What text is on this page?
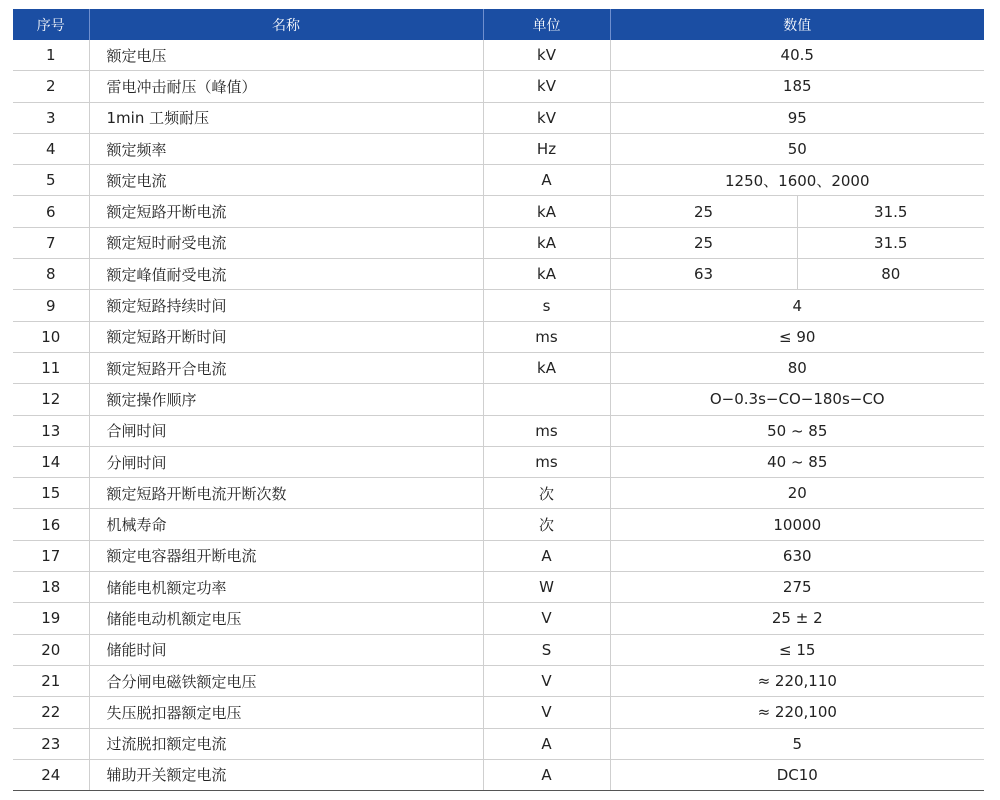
序号	名称	单位	数值	
1	额定电压	kV	40.5	
2	雷电冲击耐压（峰值）	kV	185	
3	1min 工频耐压	kV	95	
4	额定频率	Hz	50	
5	额定电流	A	1250、1600、2000	
6	额定短路开断电流	kA	25	31.5
7	额定短时耐受电流	kA	25	31.5
8	额定峰值耐受电流	kA	63	80
9	额定短路持续时间	s	4	
10	额定短路开断时间	ms	≤ 90	
11	额定短路开合电流	kA	80	
12	额定操作顺序		O−0.3s−CO−180s−CO	
13	合闸时间	ms	50 ~ 85	
14	分闸时间	ms	40 ~ 85	
15	额定短路开断电流开断次数	次	20	
16	机械寿命	次	10000	
17	额定电容器组开断电流	A	630	
18	储能电机额定功率	W	275	
19	储能电动机额定电压	V	25 ± 2	
20	储能时间	S	≤ 15	
21	合分闸电磁铁额定电压	V	≈ 220,110	
22	失压脱扣器额定电压	V	≈ 220,100	
23	过流脱扣额定电流	A	5	
24	辅助开关额定电流	A	DC10	
